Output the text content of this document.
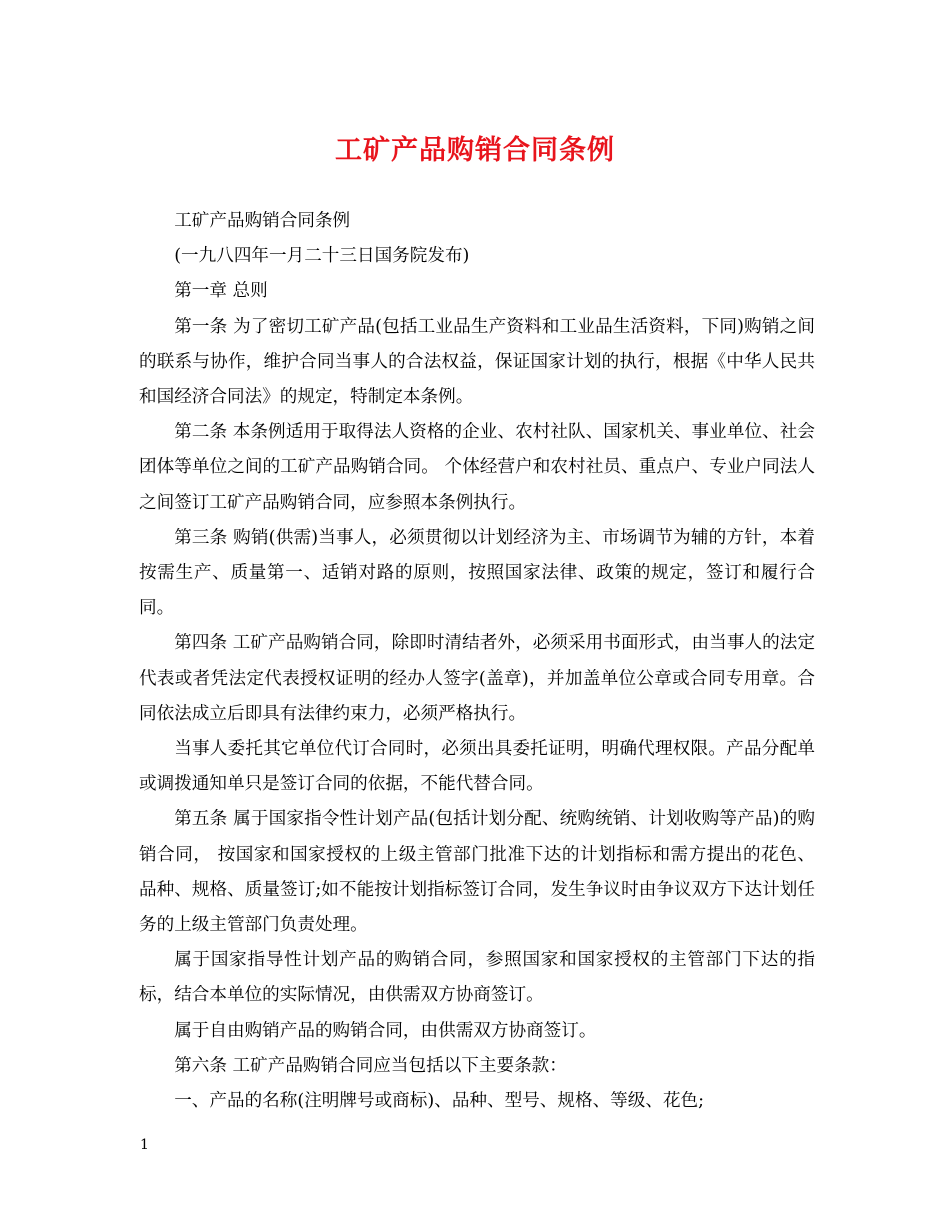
工矿产品购销合同条例

工矿产品购销合同条例

(一九八四年一月二十三日国务院发布)

第一章 总则

第一条 为了密切工矿产品(包括工业品生产资料和工业品生活资料，下同)购销之间的联系与协作，维护合同当事人的合法权益，保证国家计划的执行，根据《中华人民共和国经济合同法》的规定，特制定本条例。

第二条 本条例适用于取得法人资格的企业、农村社队、国家机关、事业单位、社会团体等单位之间的工矿产品购销合同。 个体经营户和农村社员、重点户、专业户同法人之间签订工矿产品购销合同，应参照本条例执行。

第三条 购销(供需)当事人，必须贯彻以计划经济为主、市场调节为辅的方针，本着按需生产、质量第一、适销对路的原则，按照国家法律、政策的规定，签订和履行合同。

第四条 工矿产品购销合同，除即时清结者外，必须采用书面形式，由当事人的法定代表或者凭法定代表授权证明的经办人签字(盖章)，并加盖单位公章或合同专用章。合同依法成立后即具有法律约束力，必须严格执行。

当事人委托其它单位代订合同时，必须出具委托证明，明确代理权限。产品分配单或调拨通知单只是签订合同的依据，不能代替合同。

第五条 属于国家指令性计划产品(包括计划分配、统购统销、计划收购等产品)的购销合同， 按国家和国家授权的上级主管部门批准下达的计划指标和需方提出的花色、 品种、规格、质量签订;如不能按计划指标签订合同，发生争议时由争议双方下达计划任务的上级主管部门负责处理。

属于国家指导性计划产品的购销合同，参照国家和国家授权的主管部门下达的指标，结合本单位的实际情况，由供需双方协商签订。

属于自由购销产品的购销合同，由供需双方协商签订。

第六条 工矿产品购销合同应当包括以下主要条款：

一、产品的名称(注明牌号或商标)、品种、型号、规格、等级、花色;

1
